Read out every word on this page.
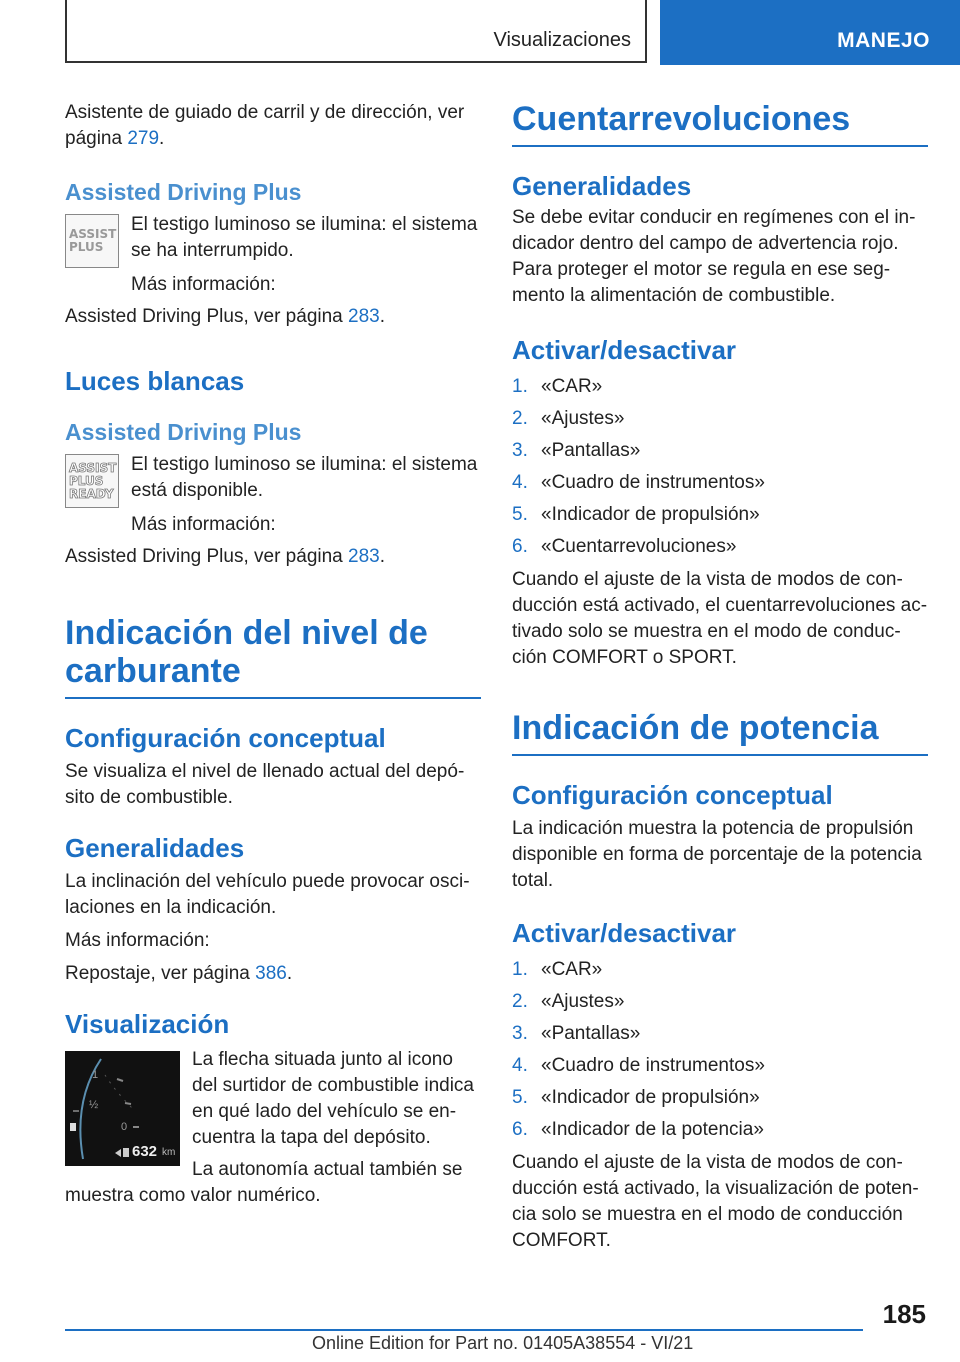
Visualizaciones	MANEJO

Asistente de guiado de carril y de dirección, ver página 279.

Assisted Driving Plus
ASSIST
PLUS

El testigo luminoso se ilumina: el sistema se ha interrumpido.

Más información:

Assisted Driving Plus, ver página 283.

Luces blancas
Assisted Driving Plus
ASSIST
PLUS
READY

El testigo luminoso se ilumina: el sistema está disponible.

Más información:

Assisted Driving Plus, ver página 283.

Indicación del nivel de carburante
Configuración conceptual

Se visualiza el nivel de llenado actual del depósito de combustible.

Generalidades

La inclinación del vehículo puede provocar oscilaciones en la indicación.

Más información:

Repostaje, ver página 386.

Visualización
1
½
0
632 km

La flecha situada junto al icono del surtidor de combustible indica en qué lado del vehículo se encuentra la tapa del depósito.

La autonomía actual también se muestra como valor numérico.

Cuentarrevoluciones
Generalidades

Se debe evitar conducir en regímenes con el indicador dentro del campo de advertencia rojo. Para proteger el motor se regula en ese segmento la alimentación de combustible.

Activar/desactivar
1. «CAR»
2. «Ajustes»
3. «Pantallas»
4. «Cuadro de instrumentos»
5. «Indicador de propulsión»
6. «Cuentarrevoluciones»

Cuando el ajuste de la vista de modos de conducción está activado, el cuentarrevoluciones activado solo se muestra en el modo de conducción COMFORT o SPORT.

Indicación de potencia
Configuración conceptual

La indicación muestra la potencia de propulsión disponible en forma de porcentaje de la potencia total.

Activar/desactivar
1. «CAR»
2. «Ajustes»
3. «Pantallas»
4. «Cuadro de instrumentos»
5. «Indicador de propulsión»
6. «Indicador de la potencia»

Cuando el ajuste de la vista de modos de conducción está activado, la visualización de potencia solo se muestra en el modo de conducción COMFORT.

185
Online Edition for Part no. 01405A38554 - VI/21
